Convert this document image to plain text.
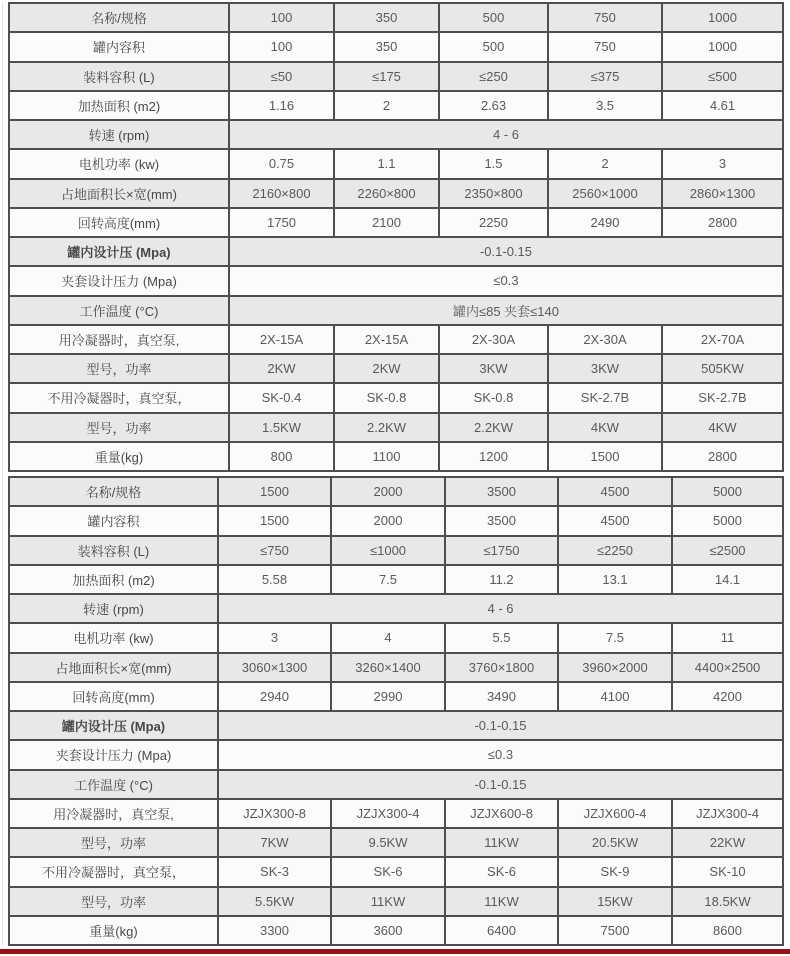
名称/规格	100	350	500	750	1000
罐内容积	100	350	500	750	1000
装料容积 (L)	≤50	≤175	≤250	≤375	≤500
加热面积 (m2)	1.16	2	2.63	3.5	4.61
转速 (rpm)	4 - 6				
电机功率 (kw)	0.75	1.1	1.5	2	3
占地面积长×宽(mm)	2160×800	2260×800	2350×800	2560×1000	2860×1300
回转高度(mm)	1750	2100	2250	2490	2800
罐内设计压 (Mpa)	-0.1-0.15				
夹套设计压力 (Mpa)	≤0.3				
工作温度 (°C)	罐内≤85 夹套≤140				
用冷凝器时，真空泵,	2X-15A	2X-15A	2X-30A	2X-30A	2X-70A
型号，功率	2KW	2KW	3KW	3KW	505KW
不用冷凝器时，真空泵，	SK-0.4	SK-0.8	SK-0.8	SK-2.7B	SK-2.7B
型号，功率	1.5KW	2.2KW	2.2KW	4KW	4KW
重量(kg)	800	1100	1200	1500	2800
名称/规格	1500	2000	3500	4500	5000
罐内容积	1500	2000	3500	4500	5000
装料容积 (L)	≤750	≤1000	≤1750	≤2250	≤2500
加热面积 (m2)	5.58	7.5	11.2	13.1	14.1
转速 (rpm)	4 - 6				
电机功率 (kw)	3	4	5.5	7.5	11
占地面积长×宽(mm)	3060×1300	3260×1400	3760×1800	3960×2000	4400×2500
回转高度(mm)	2940	2990	3490	4100	4200
罐内设计压 (Mpa)	-0.1-0.15				
夹套设计压力 (Mpa)	≤0.3				
工作温度 (°C)	-0.1-0.15				
用冷凝器时，真空泵,	JZJX300-8	JZJX300-4	JZJX600-8	JZJX600-4	JZJX300-4
型号，功率	7KW	9.5KW	11KW	20.5KW	22KW
不用冷凝器时，真空泵，	SK-3	SK-6	SK-6	SK-9	SK-10
型号，功率	5.5KW	11KW	11KW	15KW	18.5KW
重量(kg)	3300	3600	6400	7500	8600
